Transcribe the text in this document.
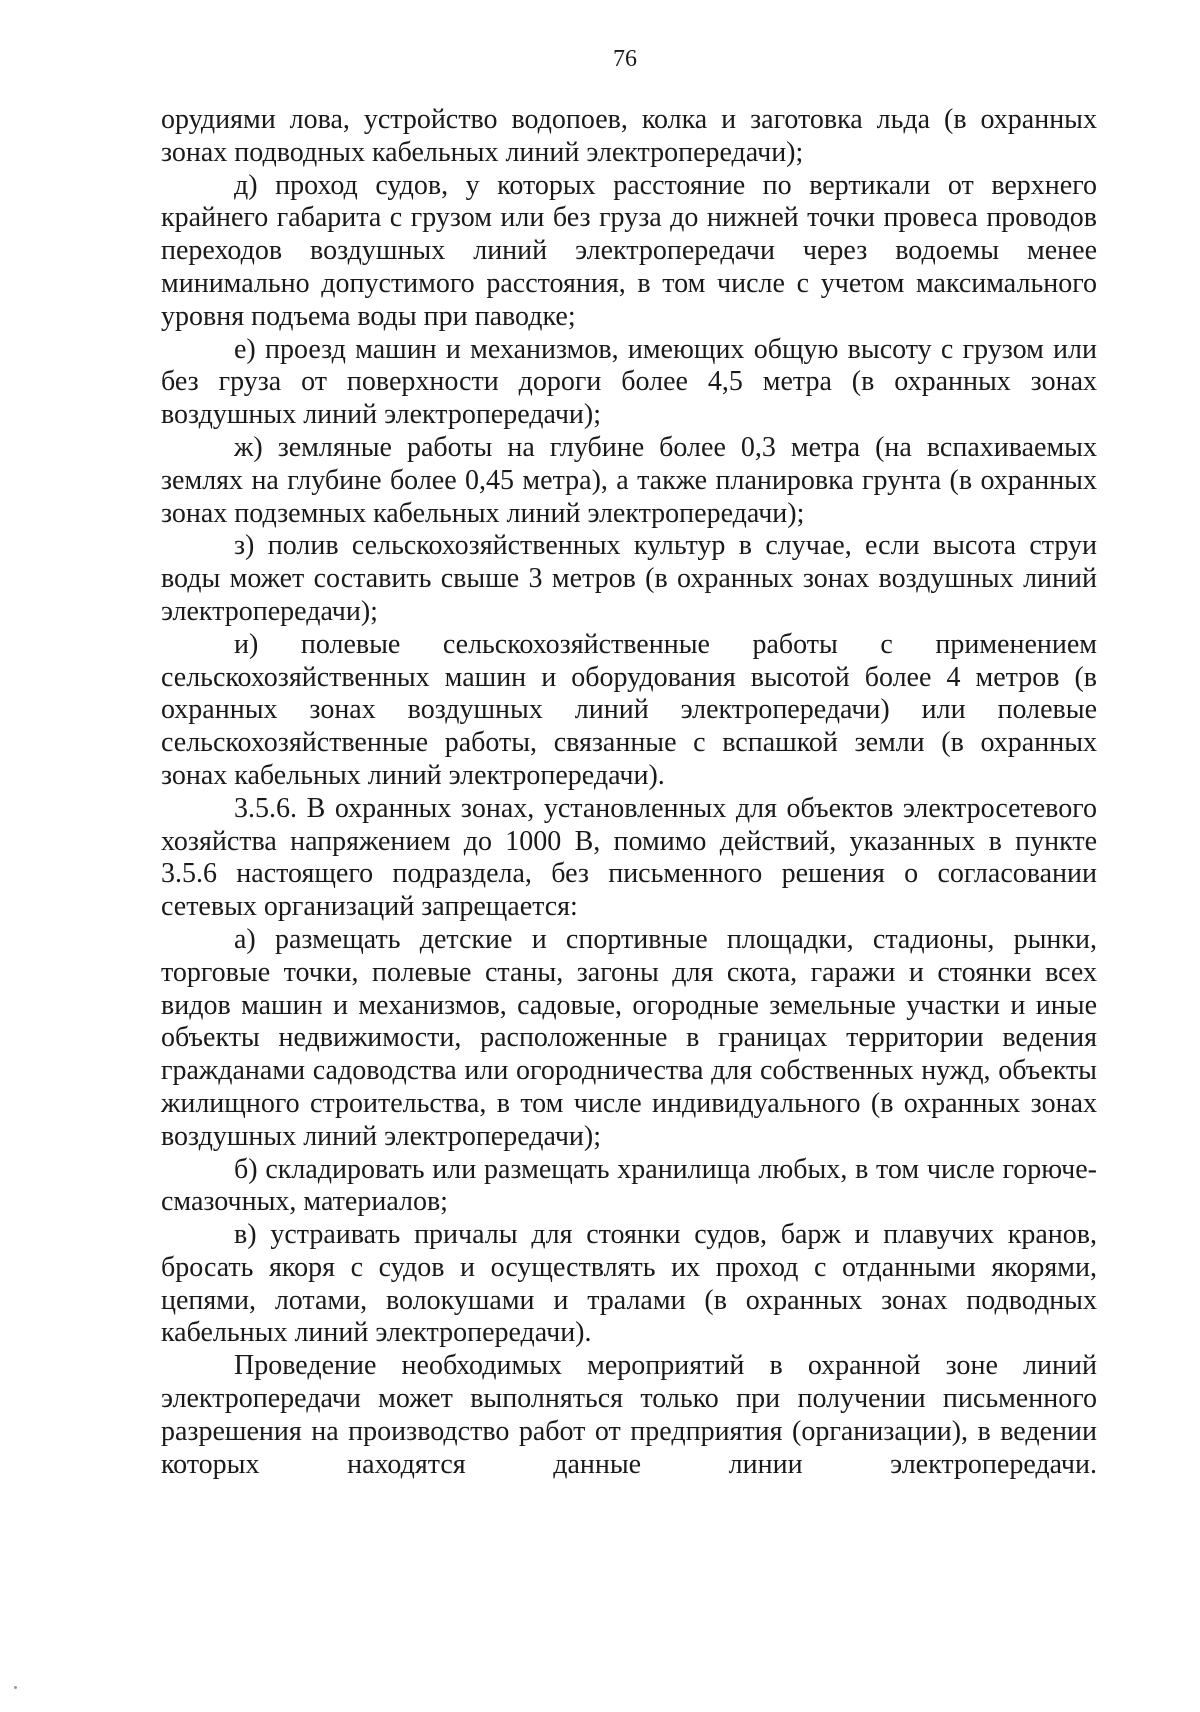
76

орудиями лова, устройство водопоев, колка и заготовка льда (в охранных зонах подводных кабельных линий электропередачи);

д) проход судов, у которых расстояние по вертикали от верхнего крайнего габарита с грузом или без груза до нижней точки провеса проводов переходов воздушных линий электропередачи через водоемы менее минимально допустимого расстояния, в том числе с учетом максимального уровня подъема воды при паводке;

е) проезд машин и механизмов, имеющих общую высоту с грузом или без груза от поверхности дороги более 4,5 метра (в охранных зонах воздушных линий электропередачи);

ж) земляные работы на глубине более 0,3 метра (на вспахиваемых землях на глубине более 0,45 метра), а также планировка грунта (в охранных зонах подземных кабельных линий электропередачи);

з) полив сельскохозяйственных культур в случае, если высота струи воды может составить свыше 3 метров (в охранных зонах воздушных линий электропередачи);

и) полевые сельскохозяйственные работы с применением сельскохозяйственных машин и оборудования высотой более 4 метров (в охранных зонах воздушных линий электропередачи) или полевые сельскохозяйственные работы, связанные с вспашкой земли (в охранных зонах кабельных линий электропередачи).

3.5.6. В охранных зонах, установленных для объектов электросетевого хозяйства напряжением до 1000 В, помимо действий, указанных в пункте 3.5.6 настоящего подраздела, без письменного решения о согласовании сетевых организаций запрещается:

а) размещать детские и спортивные площадки, стадионы, рынки, торговые точки, полевые станы, загоны для скота, гаражи и стоянки всех видов машин и механизмов, садовые, огородные земельные участки и иные объекты недвижимости, расположенные в границах территории ведения гражданами садоводства или огородничества для собственных нужд, объекты жилищного строительства, в том числе индивидуального (в охранных зонах воздушных линий электропередачи);

б) складировать или размещать хранилища любых, в том числе горюче-смазочных, материалов;

в) устраивать причалы для стоянки судов, барж и плавучих кранов, бросать якоря с судов и осуществлять их проход с отданными якорями, цепями, лотами, волокушами и тралами (в охранных зонах подводных кабельных линий электропередачи).

Проведение необходимых мероприятий в охранной зоне линий электропередачи может выполняться только при получении письменного разрешения на производство работ от предприятия (организации), в ведении которых находятся данные линии электропередачи.
